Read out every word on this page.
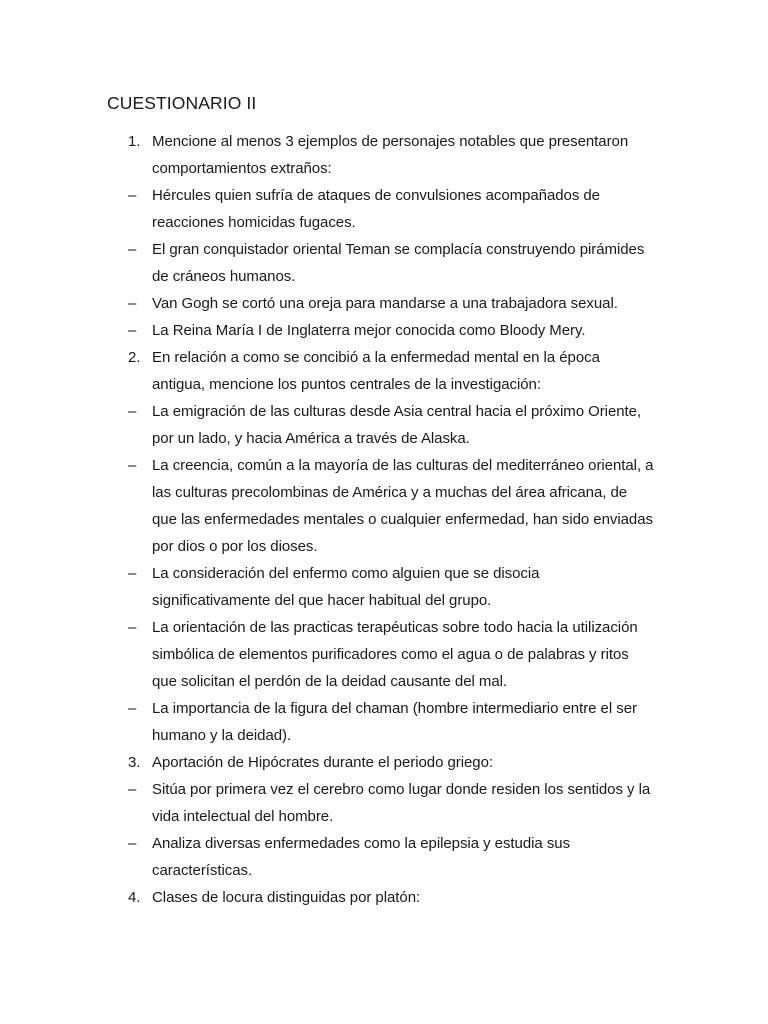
CUESTIONARIO II
1. Mencione al menos 3 ejemplos de personajes notables que presentaron
comportamientos extraños:
–	Hércules quien sufría de ataques de convulsiones acompañados de
reacciones homicidas fugaces.
–	El gran conquistador oriental Teman se complacía construyendo pirámides
de cráneos humanos.
–	Van Gogh se cortó una oreja para mandarse a una trabajadora sexual.
–	La Reina María I de Inglaterra mejor conocida como Bloody Mery.
2. En relación a como se concibió a la enfermedad mental en la época
antigua, mencione los puntos centrales de la investigación:
–	La emigración de las culturas desde Asia central hacia el próximo Oriente,
por un lado, y hacia América a través de Alaska.
–	La creencia, común a la mayoría de las culturas del mediterráneo oriental, a
las culturas precolombinas de América y a muchas del área africana, de
que las enfermedades mentales o cualquier enfermedad, han sido enviadas
por dios o por los dioses.
–	La consideración del enfermo como alguien que se disocia
significativamente del que hacer habitual del grupo.
–	La orientación de las practicas terapéuticas sobre todo hacia la utilización
simbólica de elementos purificadores como el agua o de palabras y ritos
que solicitan el perdón de la deidad causante del mal.
–	La importancia de la figura del chaman (hombre intermediario entre el ser
humano y la deidad).
3. Aportación de Hipócrates durante el periodo griego:
–	Sitúa por primera vez el cerebro como lugar donde residen los sentidos y la
vida intelectual del hombre.
–	Analiza diversas enfermedades como la epilepsia y estudia sus
características.
4. Clases de locura distinguidas por platón:
